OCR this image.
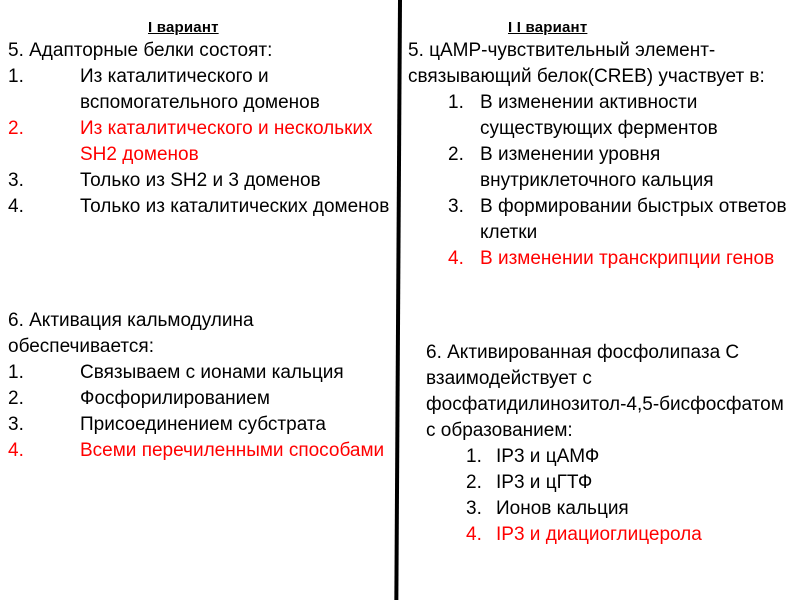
I вариант	I I вариант

5. Адапторные белки состоят:

1.	Из каталитического и вспомогательного доменов
2.	Из каталитического и нескольких SH2 доменов
3.	Только из SH2 и 3 доменов
4.	Только из каталитических доменов

6. Активация кальмодулина обеспечивается:

1.	Связываем с ионами кальция
2.	Фосфорилированием
3.	Присоединением субстрата
4.	Всеми перечиленными способами

5. цAMP-чувствительный элемент-связывающий белок(CREB) участвует в:

1. В изменении активности существующих ферментов
2. В изменении уровня внутриклеточного кальция
3. В формировании быстрых ответов клетки
4. В изменении транскрипции генов

6. Активированная фосфолипаза С взаимодействует с фосфатидилинозитол-4,5-бисфосфатом с образованием:

1. IP3 и цАМФ
2. IP3 и цГТФ
3. Ионов кальция
4. IP3 и диациоглицерола
